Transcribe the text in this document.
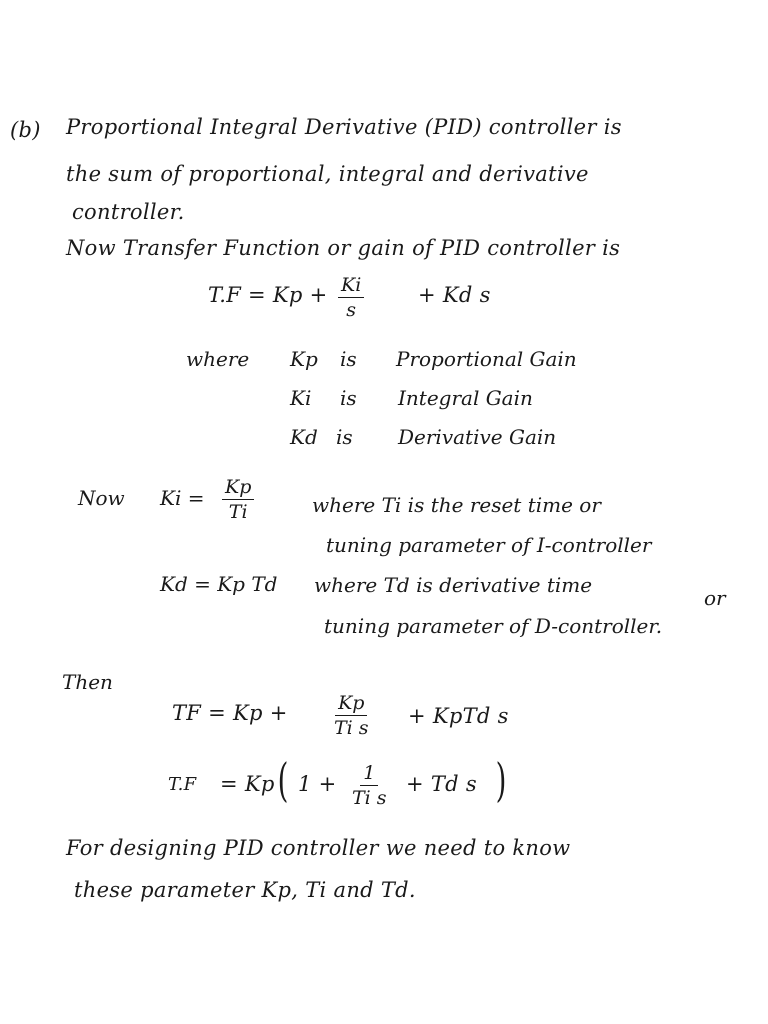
(b) Proportional Integral Derivative (PID) controller is
the sum of proportional, integral and derivative
controller.
Now Transfer Function or gain of PID controller is
$T.F = Kp + \frac{Ki}{s}$	+ Kd s
where Kp is Proportional Gain
Ki is Integral Gain
Kd is Derivative Gain
Now $Ki = \frac{Kp}{Ti}$	where Ti is the reset time or
tuning parameter of I-controller
Kd = Kp Td where Td is derivative time
or
tuning parameter of D-controller.
Then
TF = $Kp + \frac{Kp}{\text{Ti s}}$ + KpTd s
T.F = Kp ( $1 + \frac{1}{\text{Ti s}} + Td$ s )
For designing PID controller we need to know
these parameter Kp, Ti and Td.
